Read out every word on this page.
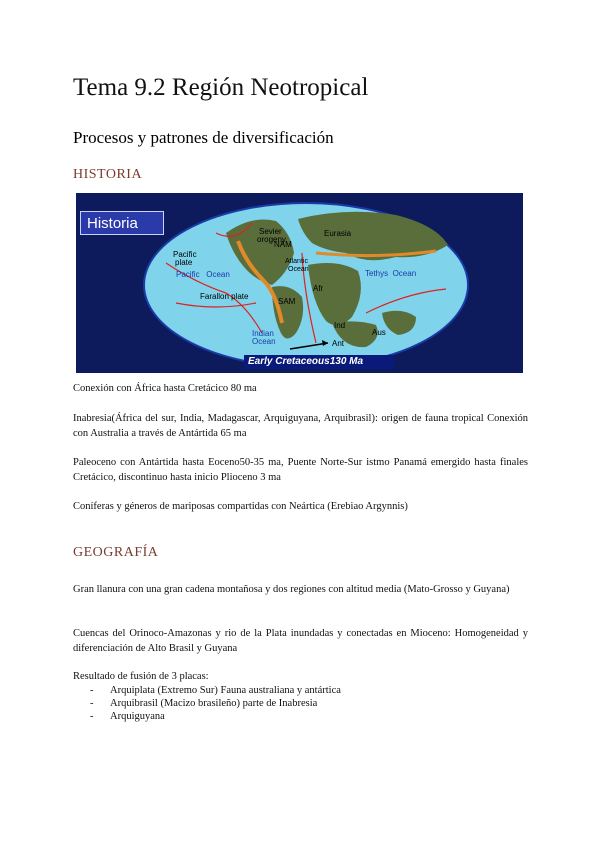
Tema 9.2 Región Neotropical
Procesos y patrones de diversificación
HISTORIA
Historia	Sevier
orogeny
NAM
Eurasia
Pacific
plate
Pacific   Ocean
Atlantic
Ocean	Tethys  Ocean
Farallon plate
Afr
SAM
Indian
Ocean
Ind
Aus
Ant
Early Cretaceous130 Ma

Conexión con África hasta Cretácico 80 ma

Inabresia(África del sur, India, Madagascar, Arquiguyana, Arquibrasil): origen de fauna tropical Conexión con Australia a través de Antártida 65 ma

Paleoceno con Antártida hasta Eoceno50-35 ma, Puente Norte-Sur istmo Panamá emergido hasta finales Cretácico, discontinuo hasta inicio Plioceno 3 ma

Coníferas y géneros de mariposas compartidas con Neártica (Erebiao Argynnis)

GEOGRAFÍA

Gran llanura con una gran cadena montañosa y dos regiones con altitud media (Mato-Grosso y Guyana)

Cuencas del Orinoco-Amazonas y rio de la Plata inundadas y conectadas en Mioceno: Homogeneidad y diferenciación de Alto Brasil y Guyana

Resultado de fusión de 3 placas:

- Arquiplata (Extremo Sur) Fauna australiana y antártica
- Arquibrasil (Macizo brasileño) parte de Inabresia
- Arquiguyana
